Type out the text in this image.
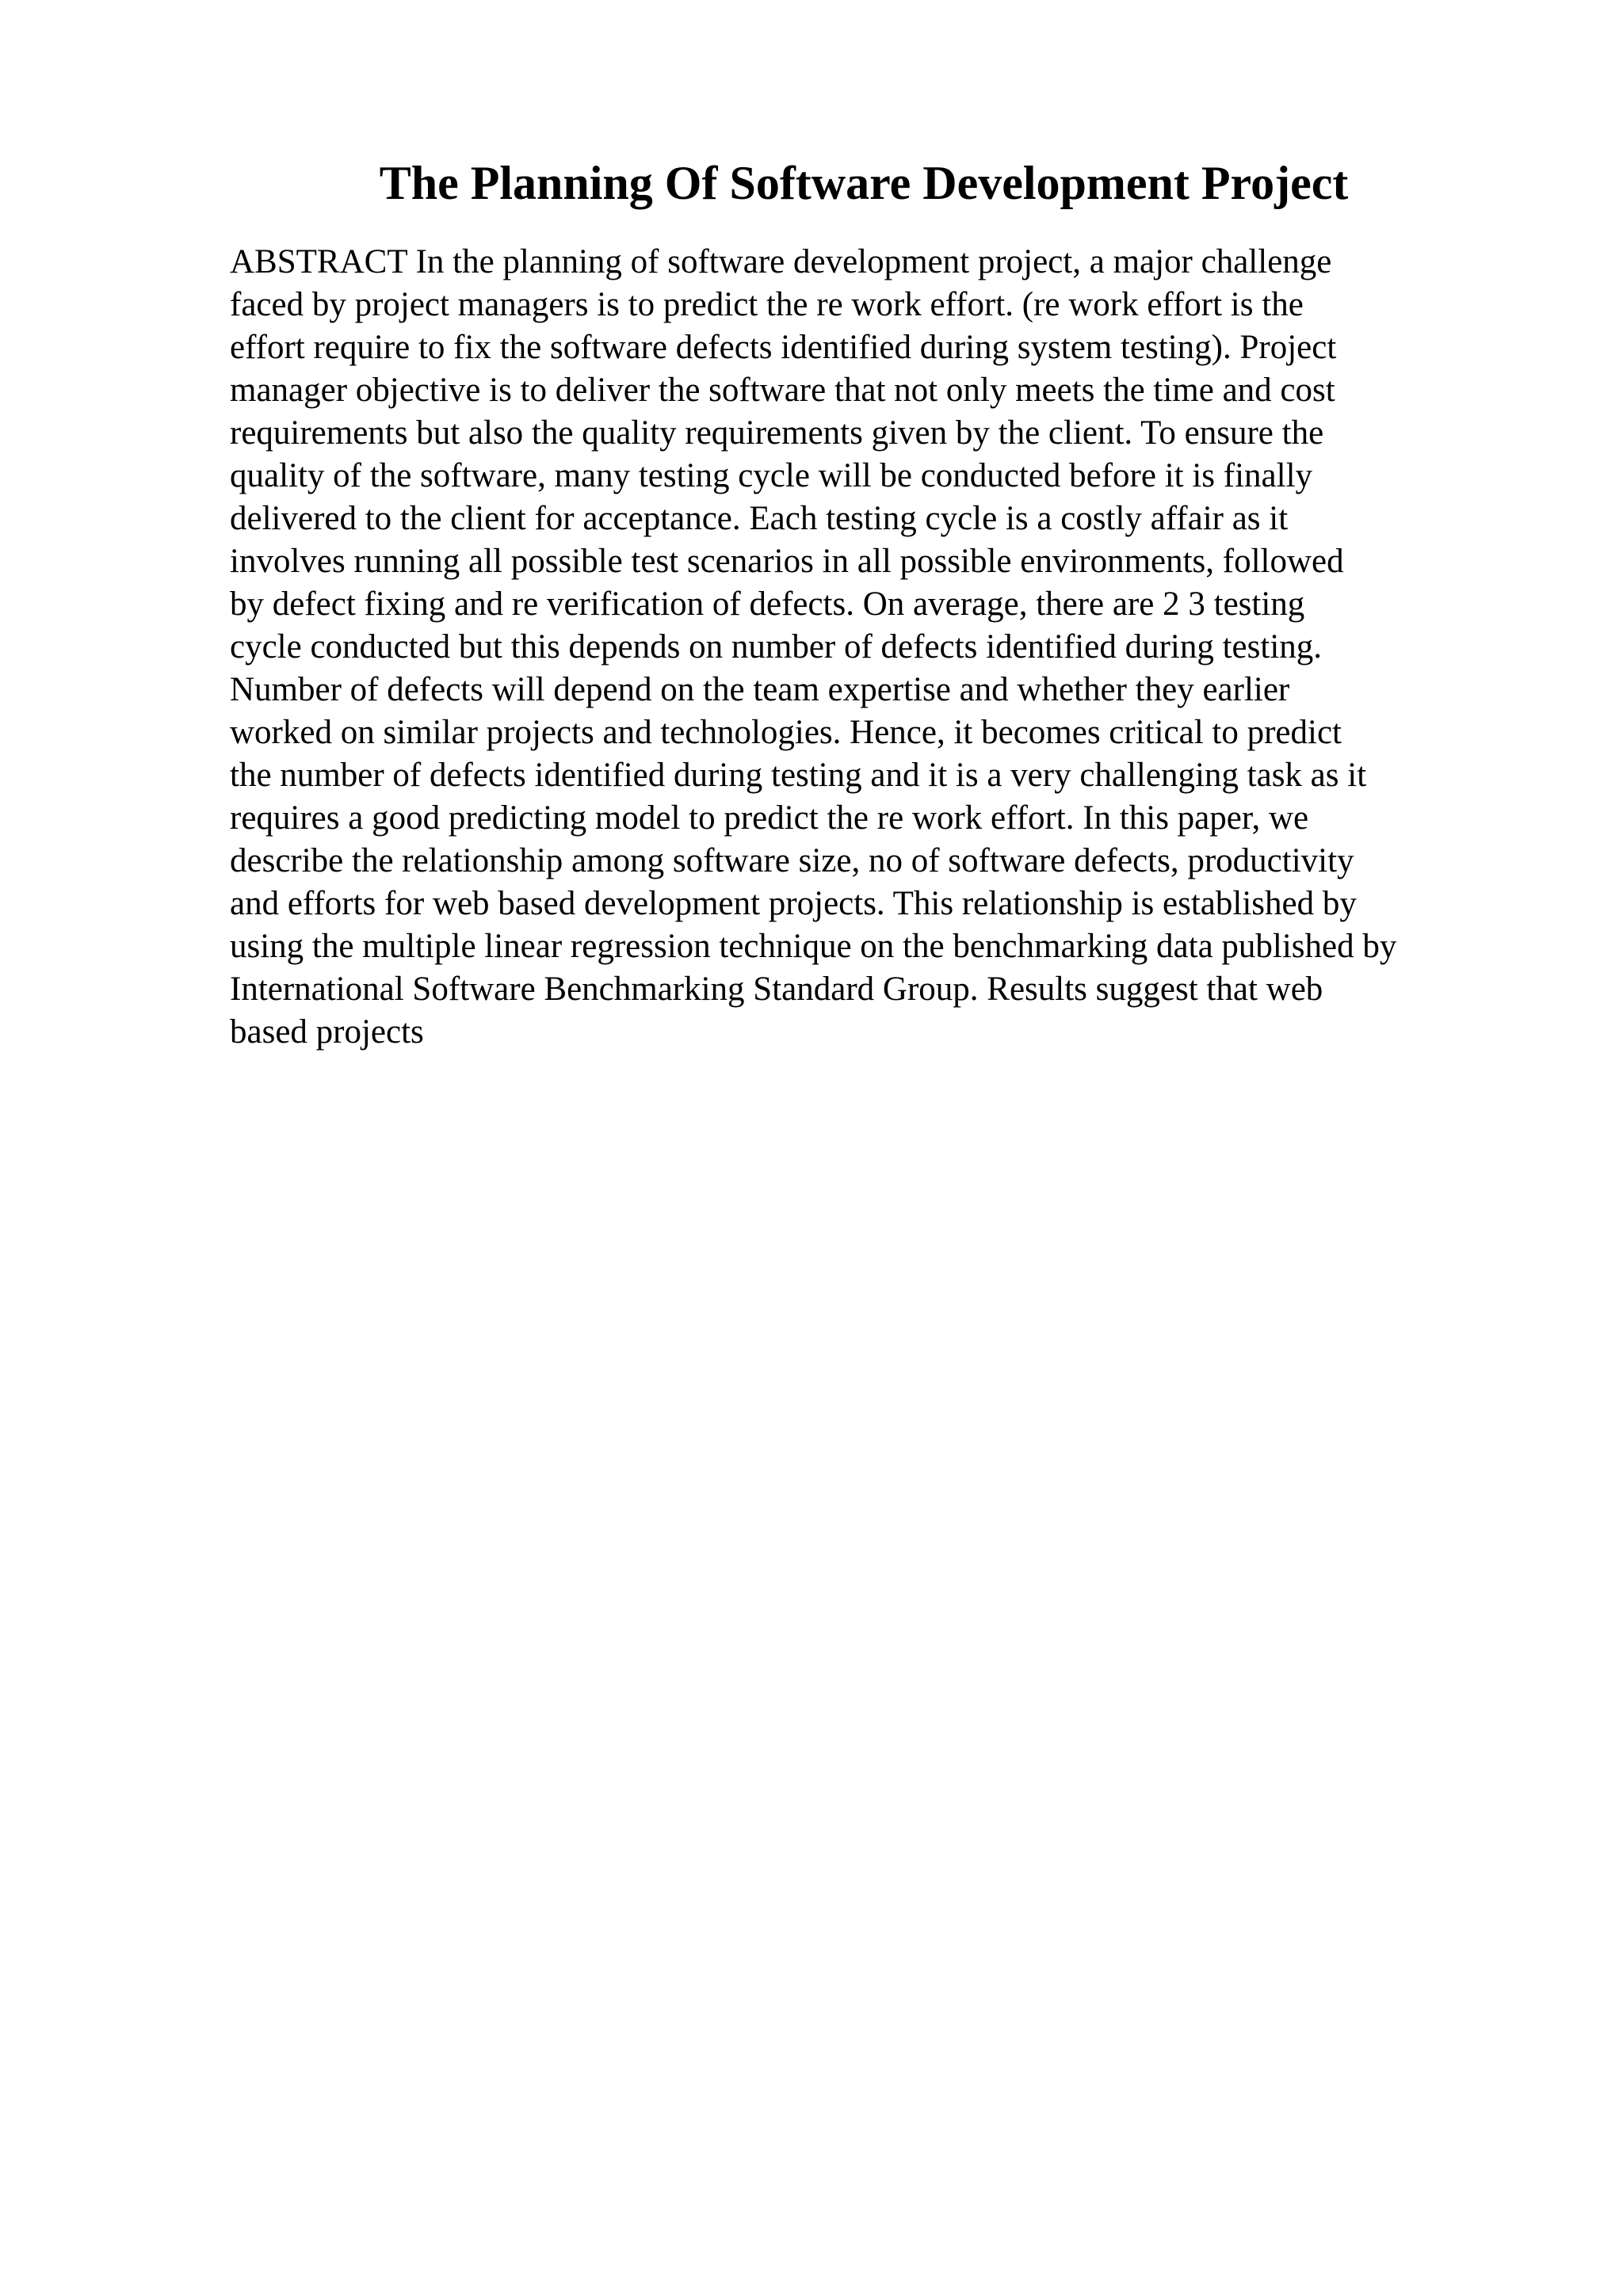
The Planning Of Software Development Project

ABSTRACT In the planning of software development project, a major challenge
faced by project managers is to predict the re work effort. (re work effort is the
effort require to fix the software defects identified during system testing). Project
manager objective is to deliver the software that not only meets the time and cost
requirements but also the quality requirements given by the client. To ensure the
quality of the software, many testing cycle will be conducted before it is finally
delivered to the client for acceptance. Each testing cycle is a costly affair as it
involves running all possible test scenarios in all possible environments, followed
by defect fixing and re verification of defects. On average, there are 2 3 testing
cycle conducted but this depends on number of defects identified during testing.
Number of defects will depend on the team expertise and whether they earlier
worked on similar projects and technologies. Hence, it becomes critical to predict
the number of defects identified during testing and it is a very challenging task as it
requires a good predicting model to predict the re work effort. In this paper, we
describe the relationship among software size, no of software defects, productivity
and efforts for web based development projects. This relationship is established by
using the multiple linear regression technique on the benchmarking data published by
International Software Benchmarking Standard Group. Results suggest that web
based projects
